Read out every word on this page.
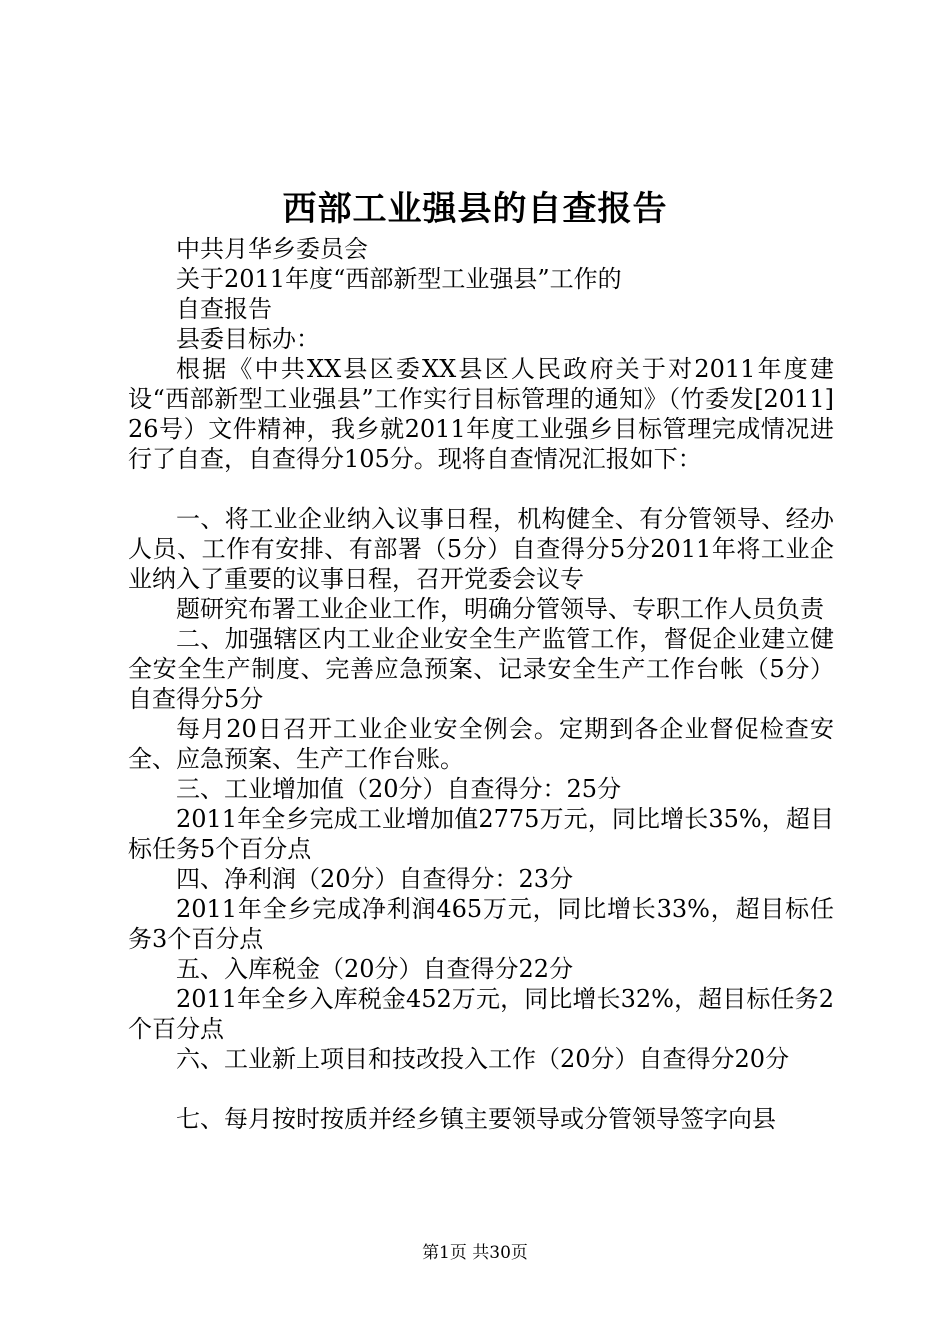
西部工业强县的自查报告

中共月华乡委员会

关于2011年度“西部新型工业强县”工作的

自查报告

县委目标办：

根据《中共XX县区委XX县区人民政府关于对2011年度建设“西部新型工业强县”工作实行目标管理的通知》（竹委发[2011]26号）文件精神，我乡就2011年度工业强乡目标管理完成情况进行了自查，自查得分105分。现将自查情况汇报如下：

一、将工业企业纳入议事日程，机构健全、有分管领导、经办人员、工作有安排、有部署（5分）自查得分5分2011年将工业企业纳入了重要的议事日程，召开党委会议专

题研究布署工业企业工作，明确分管领导、专职工作人员负责

二、加强辖区内工业企业安全生产监管工作，督促企业建立健全安全生产制度、完善应急预案、记录安全生产工作台帐（5分）自查得分5分

每月20日召开工业企业安全例会。定期到各企业督促检查安全、应急预案、生产工作台账。

三、工业增加值（20分）自查得分：25分

2011年全乡完成工业增加值2775万元，同比增长35%，超目标任务5个百分点

四、净利润（20分）自查得分：23分

2011年全乡完成净利润465万元，同比增长33%，超目标任务3个百分点

五、入库税金（20分）自查得分22分

2011年全乡入库税金452万元，同比增长32%，超目标任务2个百分点

六、工业新上项目和技改投入工作（20分）自查得分20分

七、每月按时按质并经乡镇主要领导或分管领导签字向县

第1页 共30页
